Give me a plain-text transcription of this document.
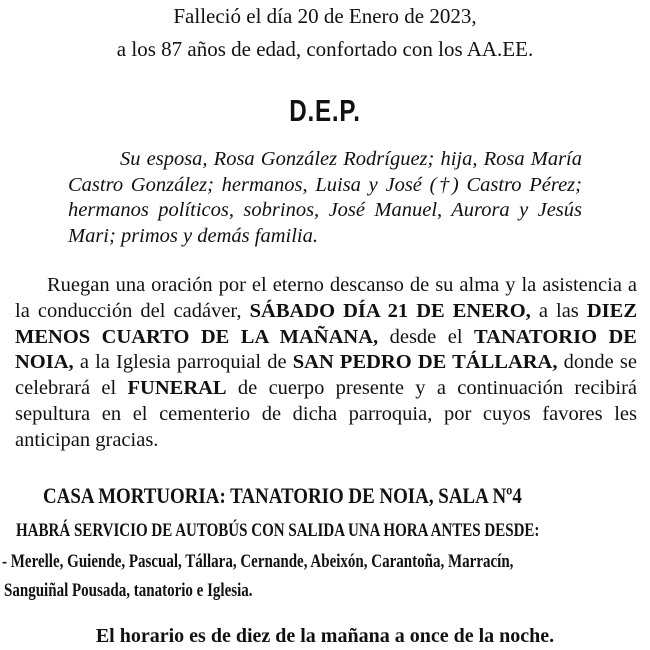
Falleció el día 20 de Enero de 2023,
a los 87 años de edad, confortado con los AA.EE.
D.E.P.
Su esposa, Rosa González Rodríguez; hija, Rosa María Castro González; hermanos, Luisa y José (†) Castro Pérez; hermanos políticos, sobrinos, José Manuel, Aurora y Jesús Mari; primos y demás familia.
Ruegan una oración por el eterno descanso de su alma y la asistencia a la conducción del cadáver, SÁBADO DÍA 21 DE ENERO, a las DIEZ MENOS CUARTO DE LA MAÑANA, desde el TANATORIO DE NOIA, a la Iglesia parroquial de SAN PEDRO DE TÁLLARA, donde se celebrará el FUNERAL de cuerpo presente y a continuación recibirá sepultura en el cementerio de dicha parroquia, por cuyos favores les anticipan gracias.
CASA MORTUORIA: TANATORIO DE NOIA, SALA Nº4
HABRÁ SERVICIO DE AUTOBÚS CON SALIDA UNA HORA ANTES DESDE:
- Merelle, Guiende, Pascual, Tállara, Cernande, Abeixón, Carantoña, Marracín,
Sanguiñal Pousada, tanatorio e Iglesia.
El horario es de diez de la mañana a once de la noche.
